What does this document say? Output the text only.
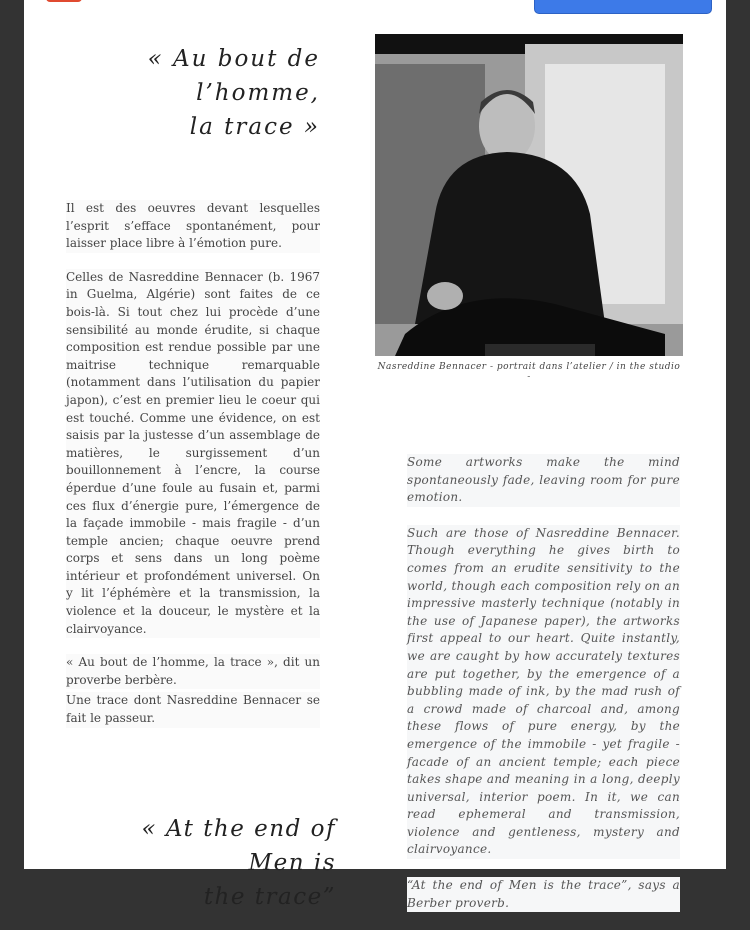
« Au bout de l’homme,
la trace »
Nasreddine Bennacer - portrait dans l’atelier / in the studio -

Il est des oeuvres devant lesquelles l’esprit s’efface spontanément, pour laisser place libre à l’émotion pure.

Celles de Nasreddine Bennacer (b. 1967 in Guelma, Algérie) sont faites de ce bois-là. Si tout chez lui procède d’une sensibilité au monde érudite, si chaque composition est rendue possible par une maitrise technique remarquable (notamment dans l’utilisation du papier japon), c’est en premier lieu le coeur qui est touché. Comme une évidence, on est saisis par la justesse d’un assemblage de matières, le surgissement d’un bouillonnement à l’encre, la course éperdue d’une foule au fusain et, parmi ces flux d’énergie pure, l’émergence de la façade immobile - mais fragile - d’un temple ancien; chaque oeuvre prend corps et sens dans un long poème intérieur et profondément universel. On y lit l’éphémère et la transmission, la violence et la douceur, le mystère et la clairvoyance.

« Au bout de l’homme, la trace », dit un proverbe berbère.

Une trace dont Nasreddine Bennacer se fait le passeur.

Some artworks make the mind spontaneously fade, leaving room for pure emotion.

Such are those of Nasreddine Bennacer. Though everything he gives birth to comes from an erudite sensitivity to the world, though each composition rely on an impressive masterly technique (notably in the use of Japanese paper), the artworks first appeal to our heart. Quite instantly, we are caught by how accurately textures are put together, by the emergence of a bubbling made of ink, by the mad rush of a crowd made of charcoal and, among these flows of pure energy, by the emergence of the immobile - yet fragile - facade of an ancient temple; each piece takes shape and meaning in a long, deeply universal, interior poem. In it, we can read ephemeral and transmission, violence and gentleness, mystery and clairvoyance.

“At the end of Men is the trace”, says a Berber proverb.

« At the end of Men is
the trace”
